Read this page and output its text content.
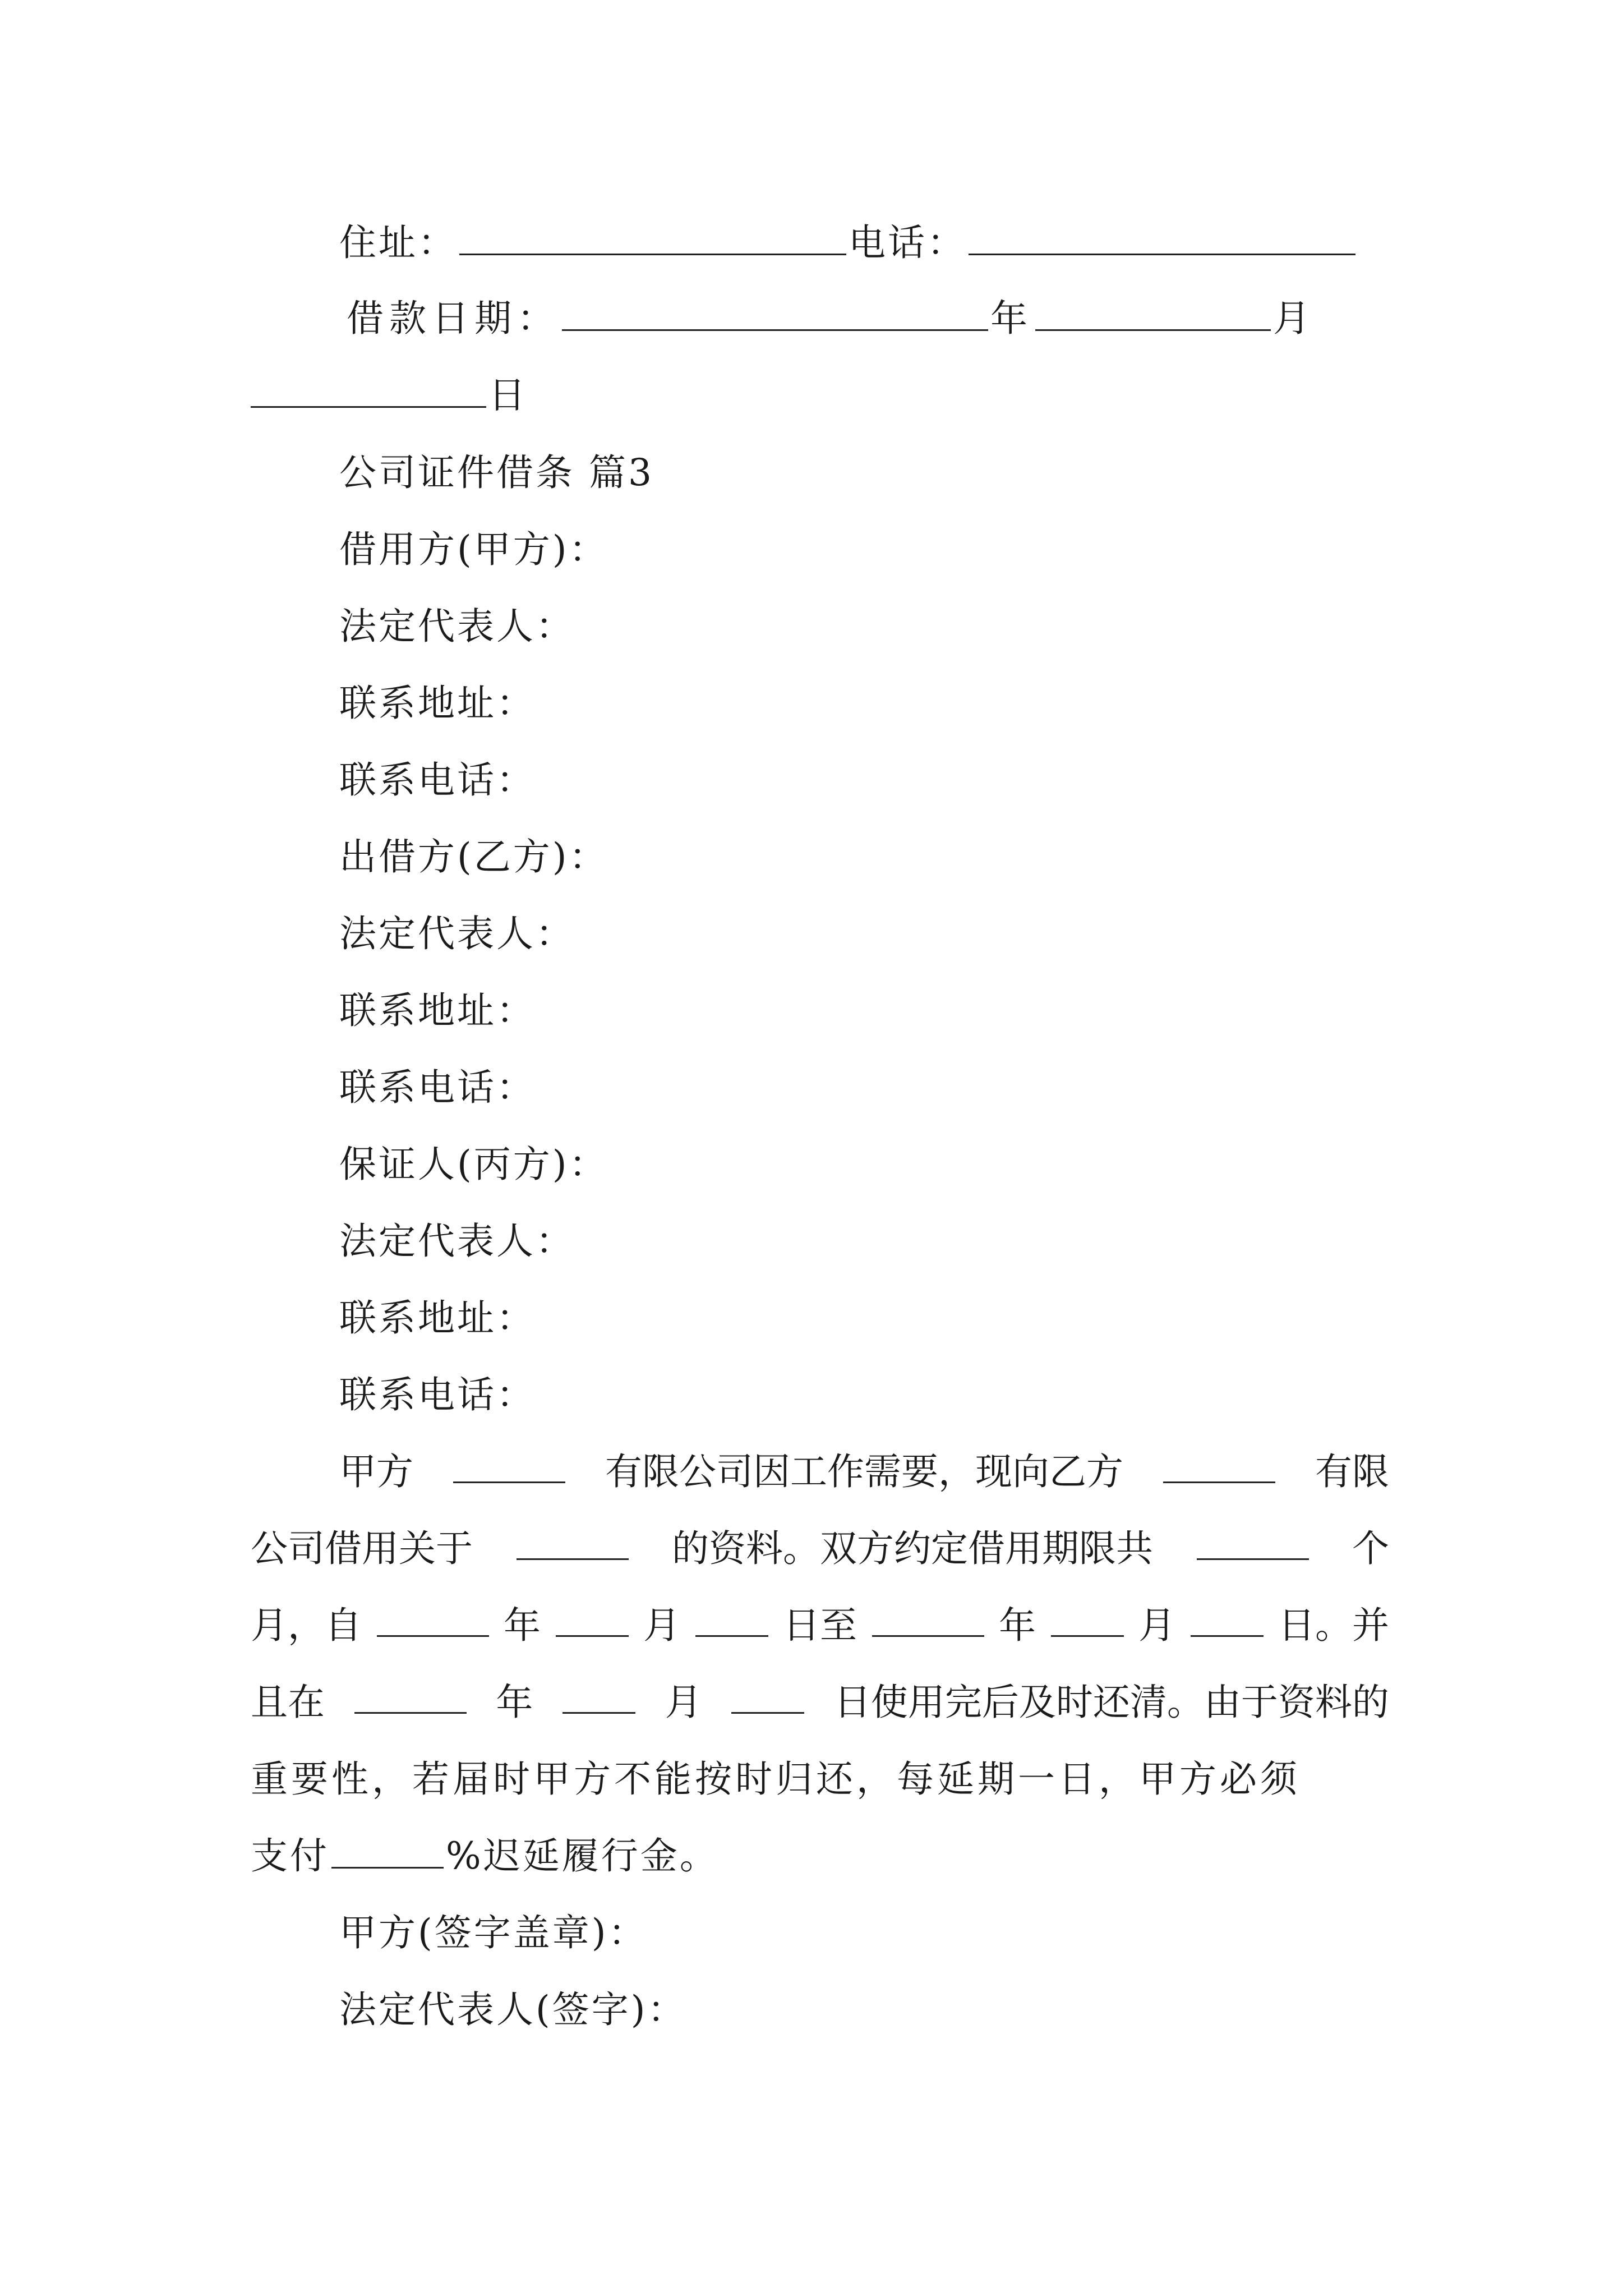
住址：	电话：
借款日期：	年	月
日
公司证件借条 篇3
借用方(甲方)：
法定代表人：
联系地址：
联系电话：
出借方(乙方)：
法定代表人：
联系地址：
联系电话：
保证人(丙方)：
法定代表人：
联系地址：
联系电话：
甲方	有限公司因工作需要，现向乙方	有限
公司借用关于	的资料。双方约定借用期限共	个
月，自	年	月	日至	年	月	日。并
且在	年	月	日使用完后及时还清。由于资料的
重要性，若届时甲方不能按时归还，每延期一日，甲方必须
支付	%迟延履行金。
甲方(签字盖章)：
法定代表人(签字)：
